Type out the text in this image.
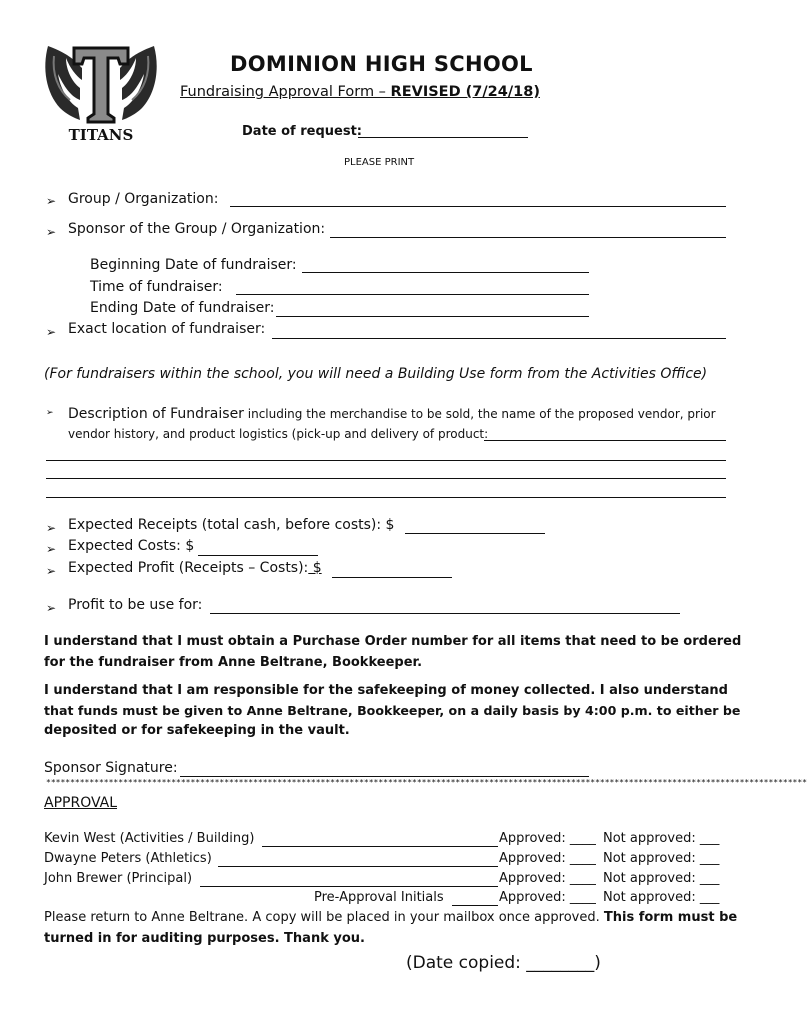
TITANS
DOMINION HIGH SCHOOL
Fundraising Approval Form – REVISED (7/24/18)
Date of request:
PLEASE PRINT
➢ Group / Organization:
➢ Sponsor of the Group / Organization:
Beginning Date of fundraiser:
Time of fundraiser:
Ending Date of fundraiser:
➢ Exact location of fundraiser:
(For fundraisers within the school, you will need a Building Use form from the Activities Office)
➢ Description of Fundraiser including the merchandise to be sold, the name of the proposed vendor, prior
vendor history, and product logistics (pick-up and delivery of product:
➢ Expected Receipts (total cash, before costs): $
➢ Expected Costs: $
➢ Expected Profit (Receipts – Costs): $
➢ Profit to be use for:
I understand that I must obtain a Purchase Order number for all items that need to be ordered
for the fundraiser from Anne Beltrane, Bookkeeper.
I understand that I am responsible for the safekeeping of money collected. I also understand
that funds must be given to Anne Beltrane, Bookkeeper, on a daily basis by 4:00 p.m. to either be
deposited or for safekeeping in the vault.
Sponsor Signature:
**************************************************************************************************************************************************************
APPROVAL
Kevin West (Activities / Building)	Approved: ____ Not approved: ___
Dwayne Peters (Athletics)	Approved: ____ Not approved: ___
John Brewer (Principal)	Approved: ____ Not approved: ___
Pre-Approval Initials	Approved: ____ Not approved: ___
Please return to Anne Beltrane. A copy will be placed in your mailbox once approved. This form must be
turned in for auditing purposes. Thank you.
(Date copied: ________)
